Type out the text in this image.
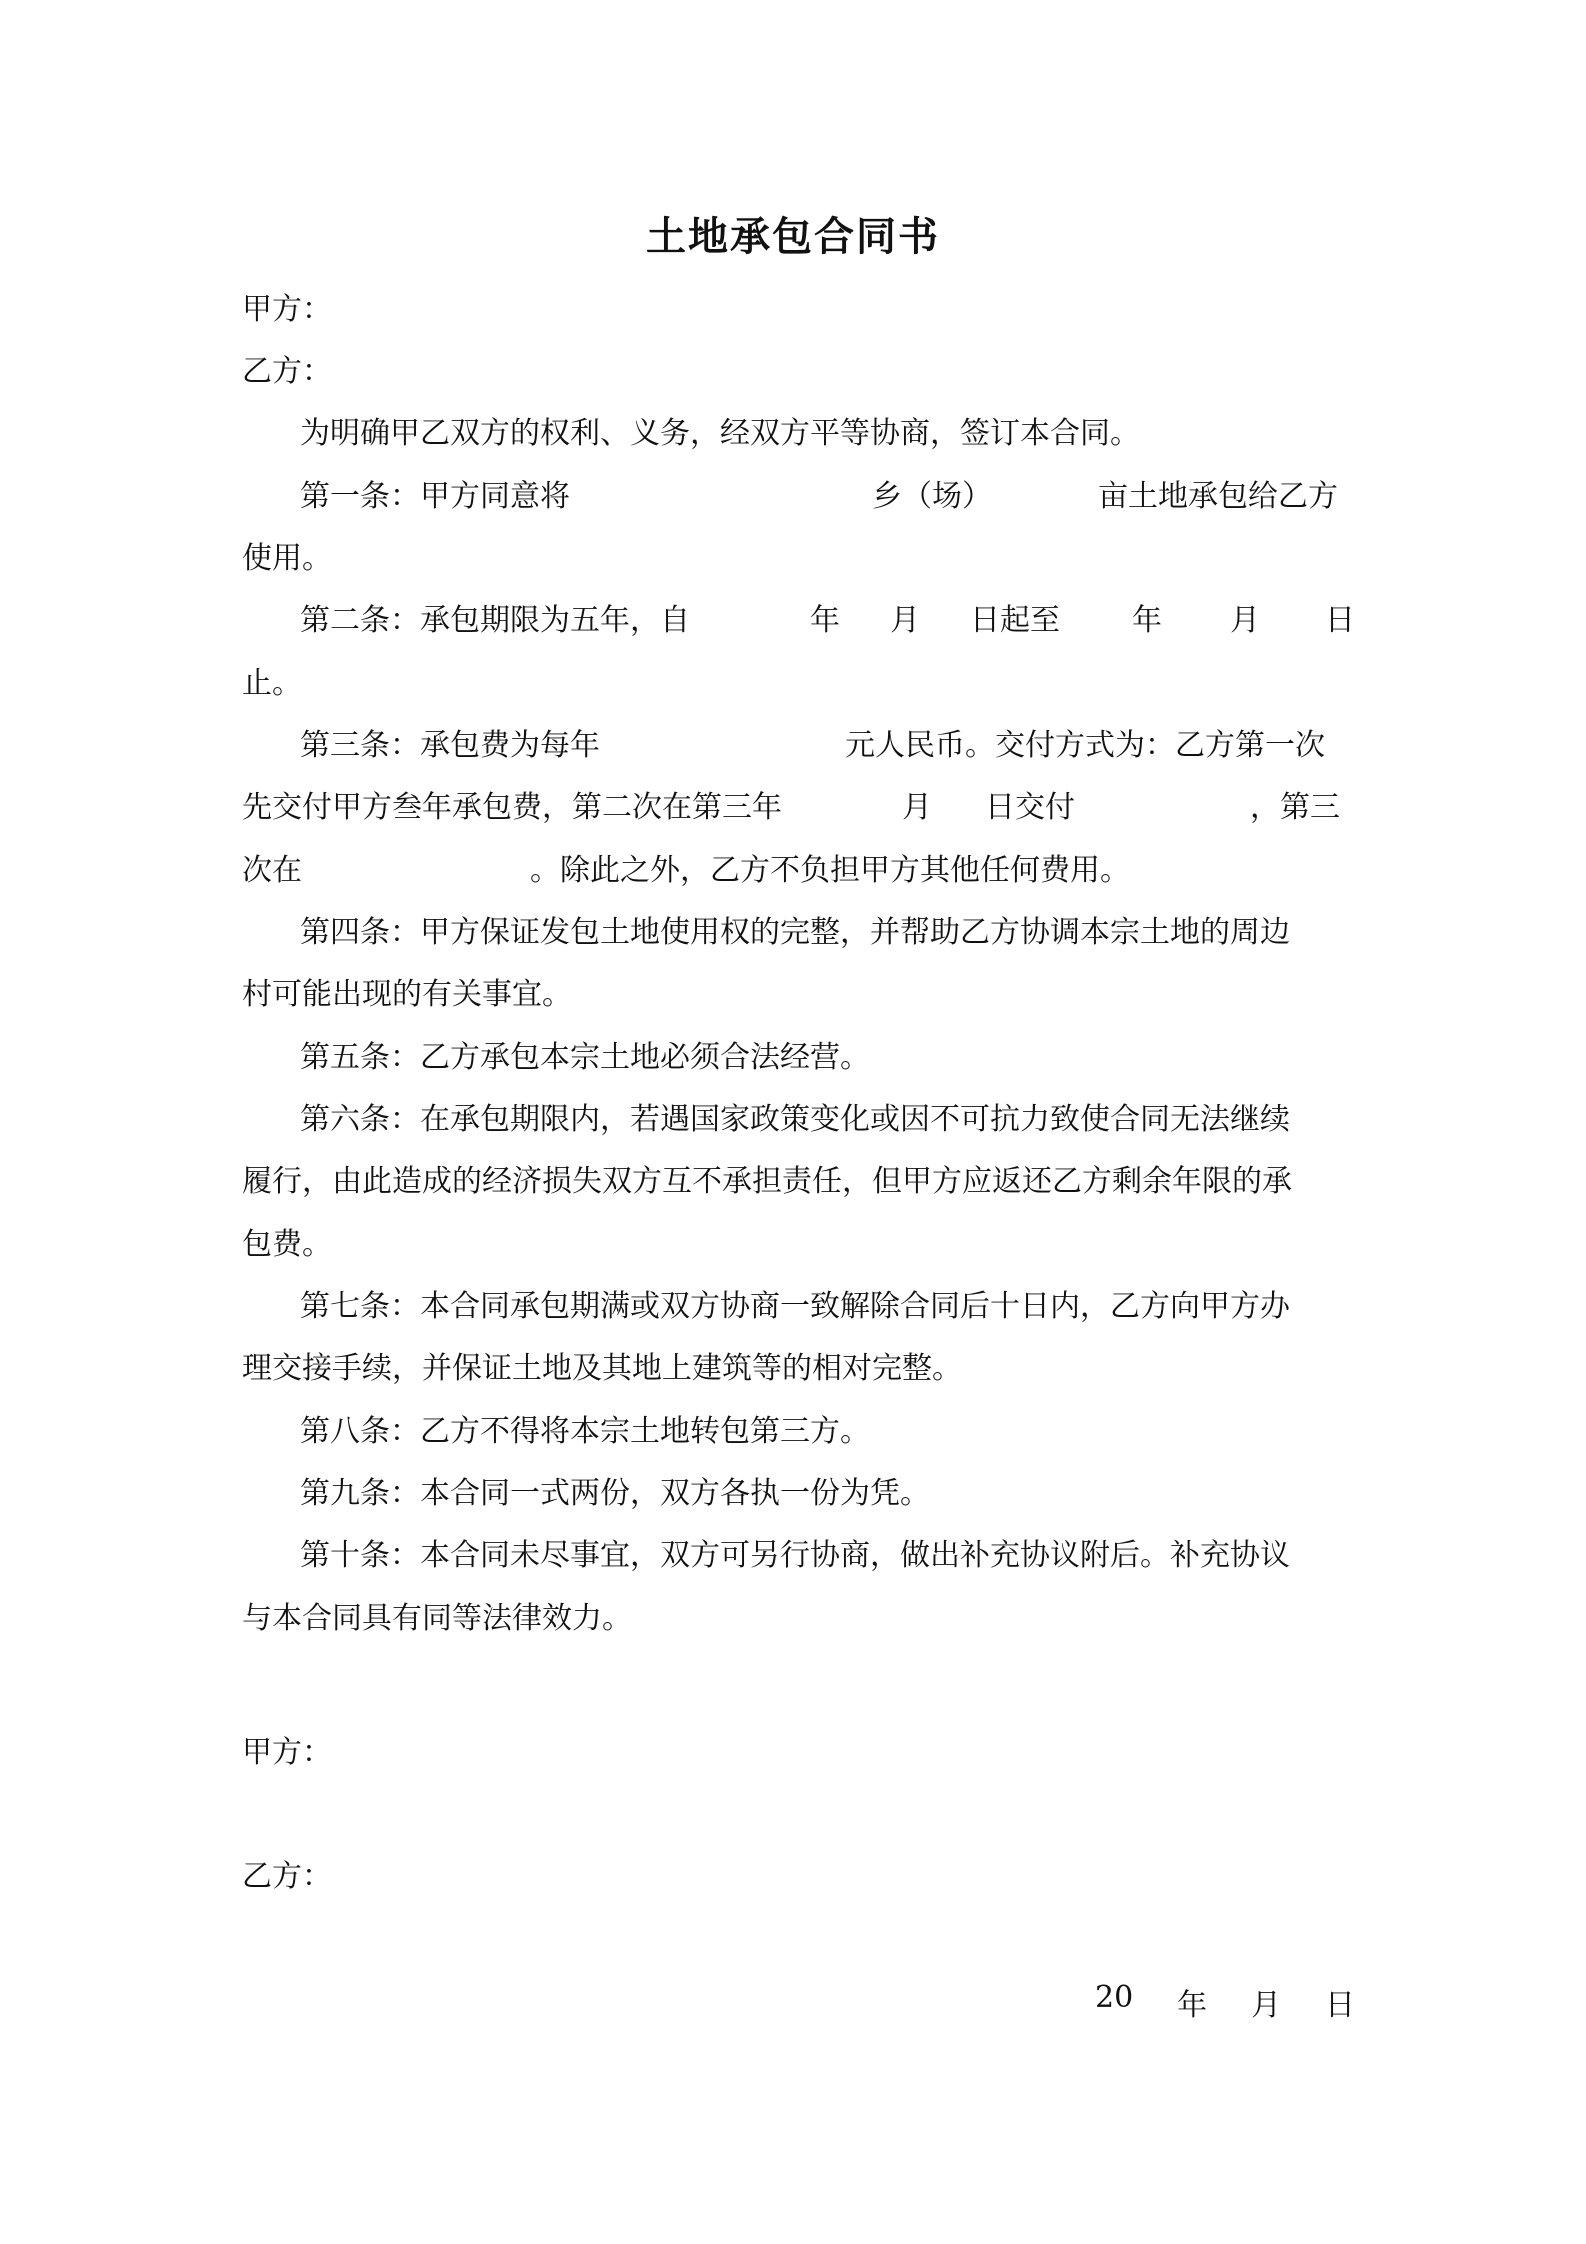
土地承包合同书
甲方：
乙方：
为明确甲乙双方的权利、义务，经双方平等协商，签订本合同。
第一条：甲方同意将	乡（场）	亩土地承包给乙方
使用。
第二条：承包期限为五年，自	年 月 日起至 年 月 日
止。
第三条：承包费为每年	元人民币。交付方式为：乙方第一次
先交付甲方叁年承包费，第二次在第三年	月 日交付	，第三
次在	。除此之外，乙方不负担甲方其他任何费用。
第四条：甲方保证发包土地使用权的完整，并帮助乙方协调本宗土地的周边
村可能出现的有关事宜。
第五条：乙方承包本宗土地必须合法经营。
第六条：在承包期限内，若遇国家政策变化或因不可抗力致使合同无法继续
履行，由此造成的经济损失双方互不承担责任，但甲方应返还乙方剩余年限的承
包费。
第七条：本合同承包期满或双方协商一致解除合同后十日内，乙方向甲方办
理交接手续，并保证土地及其地上建筑等的相对完整。
第八条：乙方不得将本宗土地转包第三方。
第九条：本合同一式两份，双方各执一份为凭。
第十条：本合同未尽事宜，双方可另行协商，做出补充协议附后。补充协议
与本合同具有同等法律效力。
甲方：
乙方：
20 年 月 日
